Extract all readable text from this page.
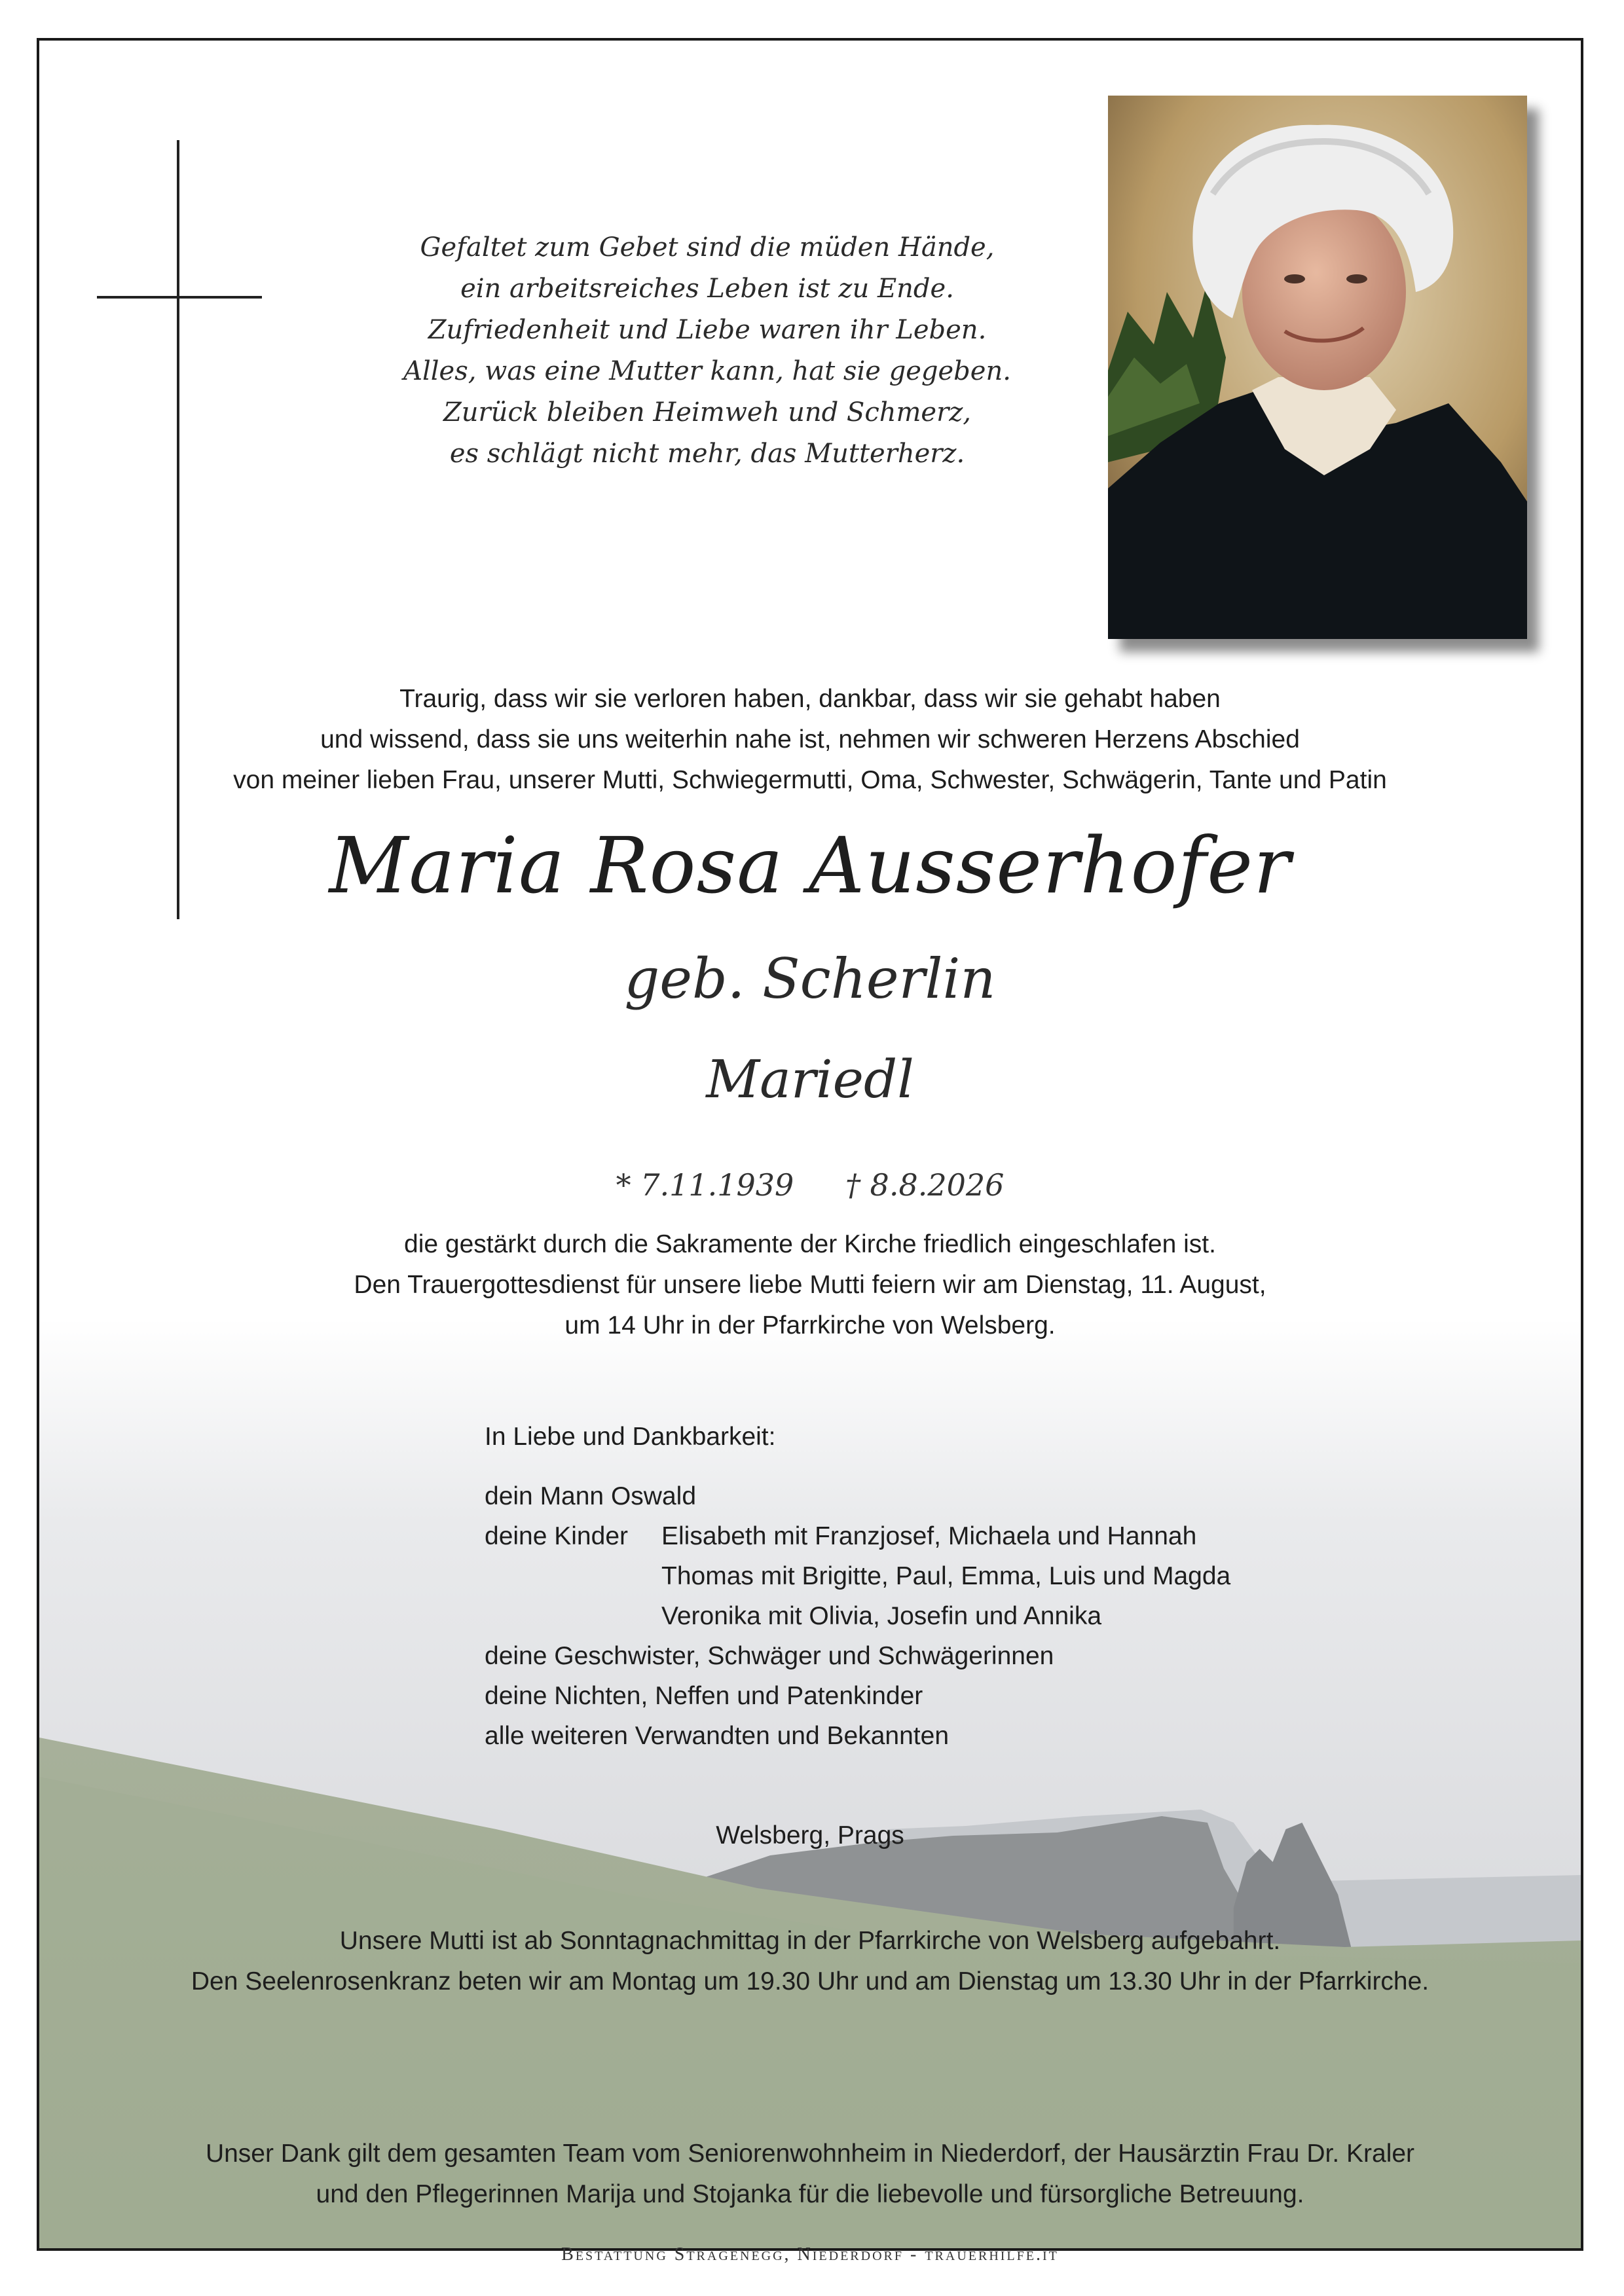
Gefaltet zum Gebet sind die müden Hände,
ein arbeitsreiches Leben ist zu Ende.
Zufriedenheit und Liebe waren ihr Leben.
Alles, was eine Mutter kann, hat sie gegeben.
Zurück bleiben Heimweh und Schmerz,
es schlägt nicht mehr, das Mutterherz.
Traurig, dass wir sie verloren haben, dankbar, dass wir sie gehabt haben
und wissend, dass sie uns weiterhin nahe ist, nehmen wir schweren Herzens Abschied
von meiner lieben Frau, unserer Mutti, Schwiegermutti, Oma, Schwester, Schwägerin, Tante und Patin
Maria Rosa Ausserhofer
geb. Scherlin
Mariedl
* 7.11.1939 † 8.8.2026
die gestärkt durch die Sakramente der Kirche friedlich eingeschlafen ist.
Den Trauergottesdienst für unsere liebe Mutti feiern wir am Dienstag, 11. August,
um 14 Uhr in der Pfarrkirche von Welsberg.
In Liebe und Dankbarkeit:
dein Mann Oswald
deine Kinder Elisabeth mit Franzjosef, Michaela und Hannah
Thomas mit Brigitte, Paul, Emma, Luis und Magda
Veronika mit Olivia, Josefin und Annika
deine Geschwister, Schwäger und Schwägerinnen
deine Nichten, Neffen und Patenkinder
alle weiteren Verwandten und Bekannten
Welsberg, Prags
Unsere Mutti ist ab Sonntagnachmittag in der Pfarrkirche von Welsberg aufgebahrt.
Den Seelenrosenkranz beten wir am Montag um 19.30 Uhr und am Dienstag um 13.30 Uhr in der Pfarrkirche.
Unser Dank gilt dem gesamten Team vom Seniorenwohnheim in Niederdorf, der Hausärztin Frau Dr. Kraler
und den Pflegerinnen Marija und Stojanka für die liebevolle und fürsorgliche Betreuung.
Bestattung Stragenegg, Niederdorf - trauerhilfe.it
